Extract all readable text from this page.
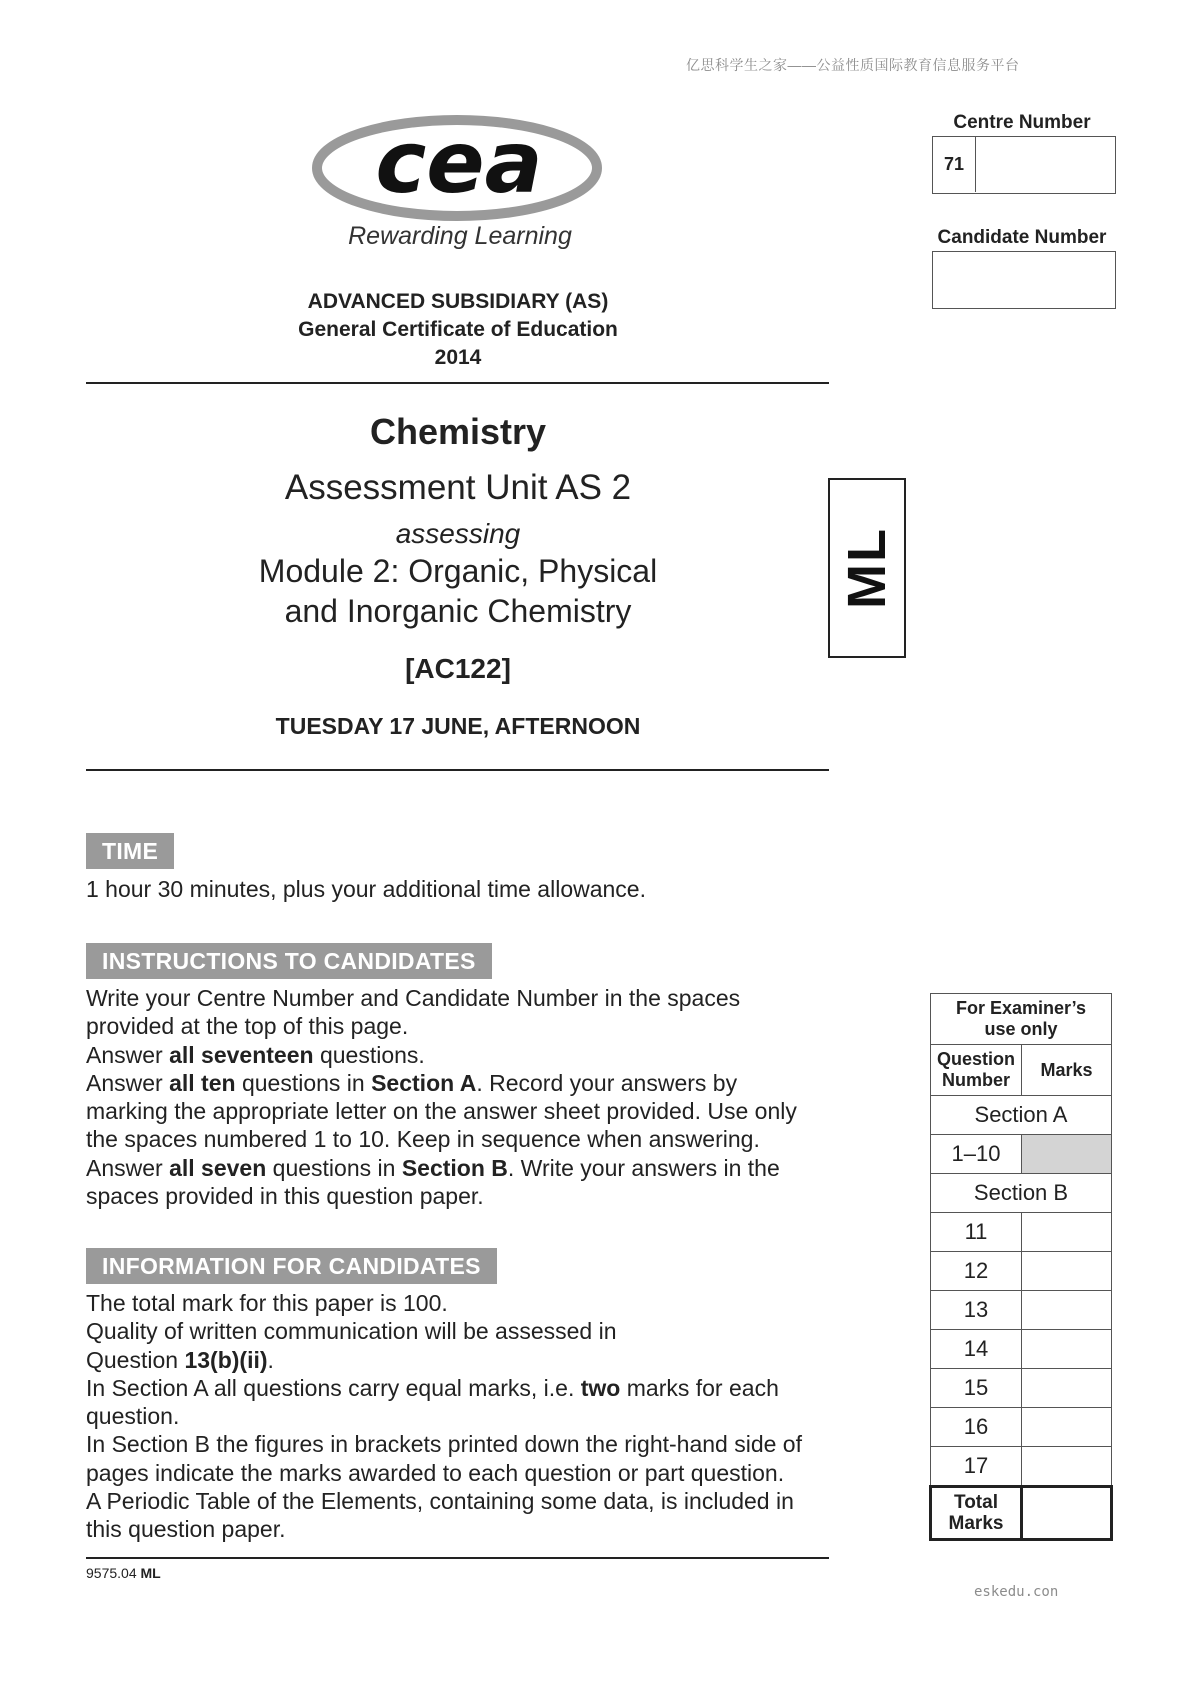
亿思科学生之家——公益性质国际教育信息服务平台
eskedu.con
cea
Rewarding Learning
Centre Number
71
Candidate Number
ADVANCED SUBSIDIARY (AS)
General Certificate of Education
2014
Chemistry
Assessment Unit AS 2
assessing
Module 2: Organic, Physical
and Inorganic Chemistry
[AC122]
TUESDAY 17 JUNE, AFTERNOON
ML
TIME
1 hour 30 minutes, plus your additional time allowance.
INSTRUCTIONS TO CANDIDATES

Write your Centre Number and Candidate Number in the spaces

provided at the top of this page.

Answer all seventeen questions.

Answer all ten questions in Section A. Record your answers by

marking the appropriate letter on the answer sheet provided. Use only

the spaces numbered 1 to 10. Keep in sequence when answering.

Answer all seven questions in Section B. Write your answers in the

spaces provided in this question paper.

INFORMATION FOR CANDIDATES

The total mark for this paper is 100.

Quality of written communication will be assessed in

Question 13(b)(ii).

In Section A all questions carry equal marks, i.e. two marks for each

question.

In Section B the figures in brackets printed down the right-hand side of

pages indicate the marks awarded to each question or part question.

A Periodic Table of the Elements, containing some data, is included in

this question paper.

9575.04 ML
For Examiner’s
use only	
Question
Number	Marks
Section A	
1–10	
Section B	
11	
12	
13	
14	
15	
16	
17	
Total
Marks	
